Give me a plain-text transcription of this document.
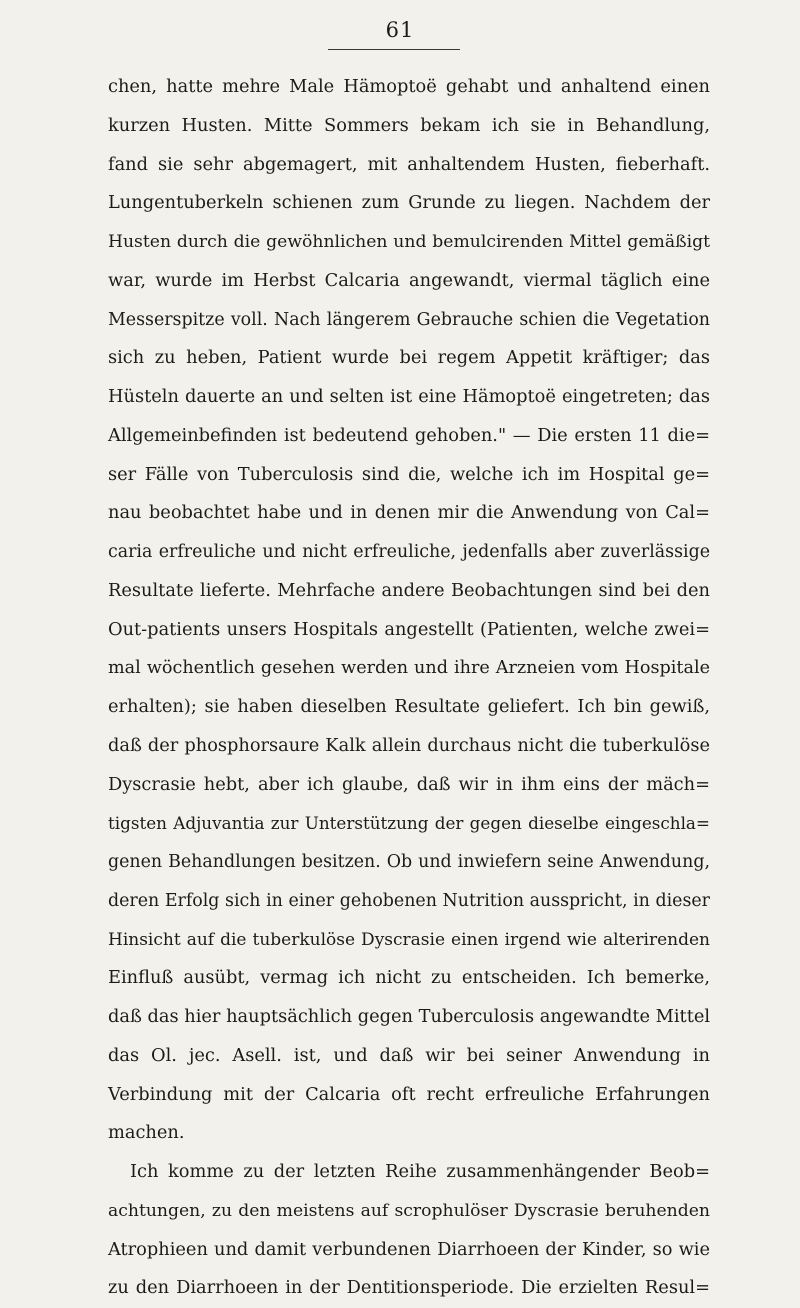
61
chen, hatte mehre Male Hämoptoë gehabt und anhaltend einen
kurzen Husten. Mitte Sommers bekam ich sie in Behandlung,
fand sie sehr abgemagert, mit anhaltendem Husten, fieberhaft.
Lungentuberkeln schienen zum Grunde zu liegen. Nachdem der
Husten durch die gewöhnlichen und bemulcirenden Mittel gemäßigt
war, wurde im Herbst Calcaria angewandt, viermal täglich eine
Messerspitze voll. Nach längerem Gebrauche schien die Vegetation
sich zu heben, Patient wurde bei regem Appetit kräftiger; das
Hüsteln dauerte an und selten ist eine Hämoptoë eingetreten; das
Allgemeinbefinden ist bedeutend gehoben." — Die ersten 11 die=
ser Fälle von Tuberculosis sind die, welche ich im Hospital ge=
nau beobachtet habe und in denen mir die Anwendung von Cal=
caria erfreuliche und nicht erfreuliche, jedenfalls aber zuverlässige
Resultate lieferte. Mehrfache andere Beobachtungen sind bei den
Out-patients unsers Hospitals angestellt (Patienten, welche zwei=
mal wöchentlich gesehen werden und ihre Arzneien vom Hospitale
erhalten); sie haben dieselben Resultate geliefert. Ich bin gewiß,
daß der phosphorsaure Kalk allein durchaus nicht die tuberkulöse
Dyscrasie hebt, aber ich glaube, daß wir in ihm eins der mäch=
tigsten Adjuvantia zur Unterstützung der gegen dieselbe eingeschla=
genen Behandlungen besitzen. Ob und inwiefern seine Anwendung,
deren Erfolg sich in einer gehobenen Nutrition ausspricht, in dieser
Hinsicht auf die tuberkulöse Dyscrasie einen irgend wie alterirenden
Einfluß ausübt, vermag ich nicht zu entscheiden. Ich bemerke,
daß das hier hauptsächlich gegen Tuberculosis angewandte Mittel
das Ol. jec. Asell. ist, und daß wir bei seiner Anwendung in
Verbindung mit der Calcaria oft recht erfreuliche Erfahrungen
machen.
Ich komme zu der letzten Reihe zusammenhängender Beob=
achtungen, zu den meistens auf scrophulöser Dyscrasie beruhenden
Atrophieen und damit verbundenen Diarrhoeen der Kinder, so wie
zu den Diarrhoeen in der Dentitionsperiode. Die erzielten Resul=
